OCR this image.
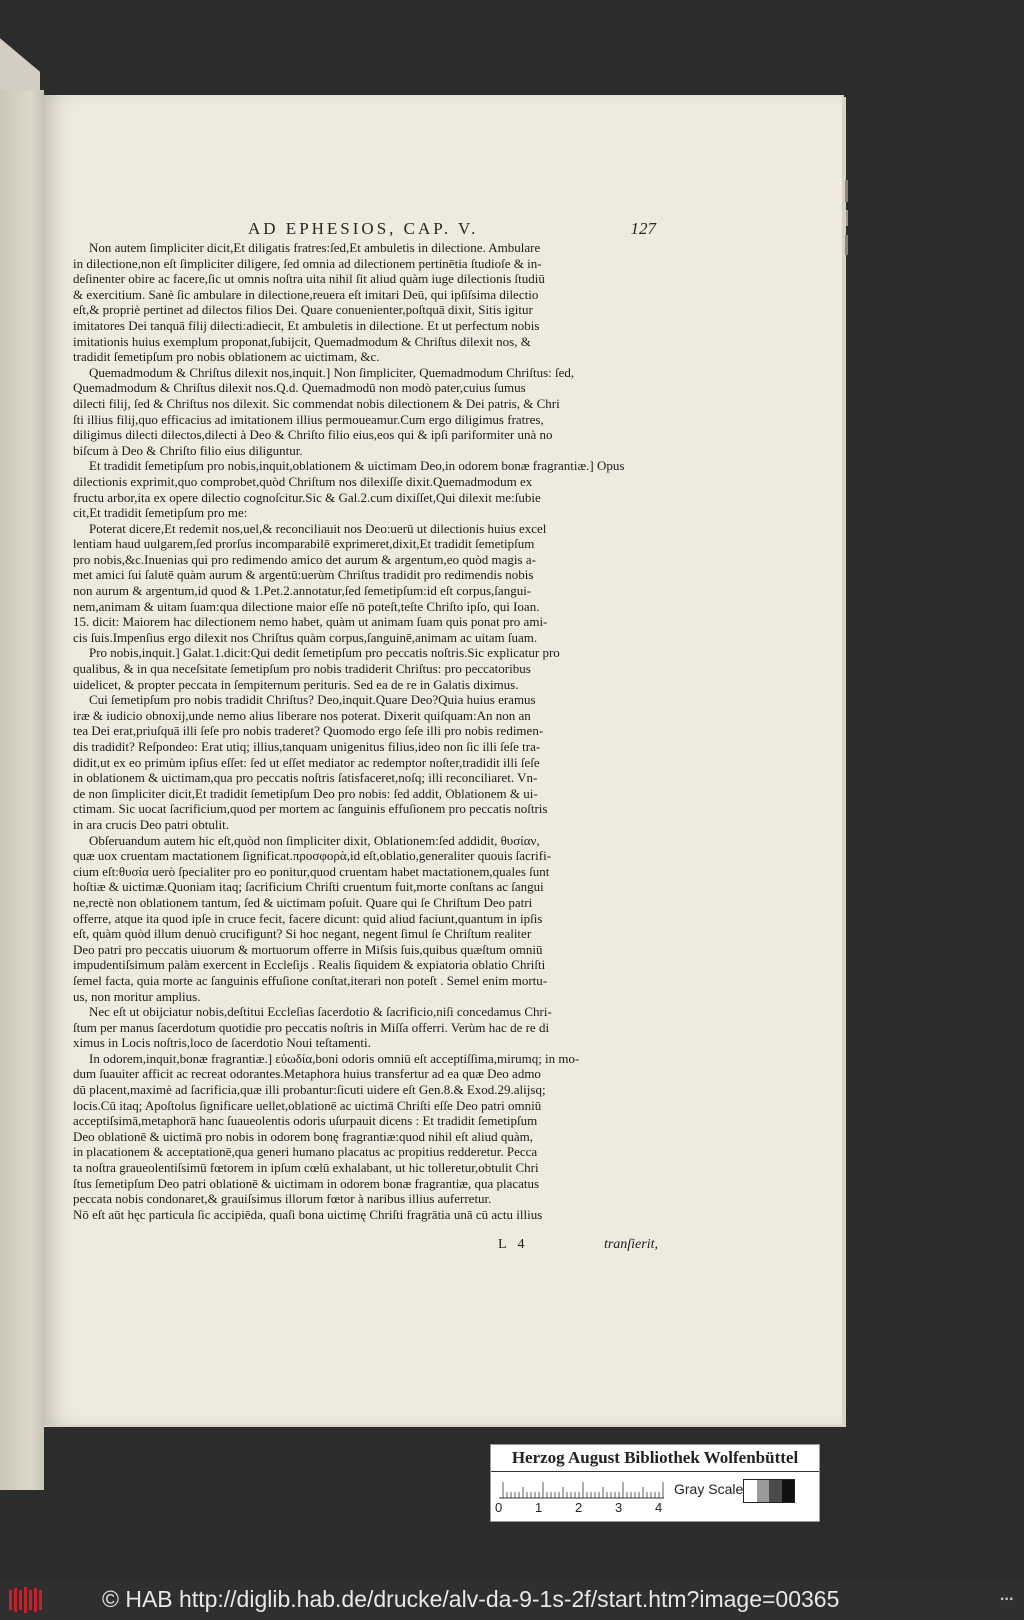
AD EPHESIOS, CAP. V.	127

Non autem ſimpliciter dicit,Et diligatis fratres:ſed,Et ambuletis in dilectione. Ambulare

in dilectione,non eſt ſimpliciter diligere, ſed omnia ad dilectionem pertinētia ſtudioſe & in-

deſinenter obire ac facere,ſic ut omnis noſtra uita nihil ſit aliud quàm iuge dilectionis ſtudiū

& exercitium. Sanè ſic ambulare in dilectione,reuera eſt imitari Deū, qui ipſiſsima dilectio

eſt,& propriè pertinet ad dilectos filios Dei. Quare conuenienter,poſtquā dixit, Sitis igitur

imitatores Dei tanquā filij dilecti:adiecit, Et ambuletis in dilectione. Et ut perfectum nobis

imitationis huius exemplum proponat,ſubijcit, Quemadmodum & Chriſtus dilexit nos, &

tradidit ſemetipſum pro nobis oblationem ac uictimam, &c.

Quemadmodum & Chriſtus dilexit nos,inquit.] Non ſimpliciter, Quemadmodum Chriſtus: ſed,

Quemadmodum & Chriſtus dilexit nos.Q.d. Quemadmodū non modò pater,cuius ſumus

dilecti filij, ſed & Chriſtus nos dilexit. Sic commendat nobis dilectionem & Dei patris, & Chri

ſti illius filij,quo efficacius ad imitationem illius permoueamur.Cum ergo diligimus fratres,

diligimus dilecti dilectos,dilecti à Deo & Chriſto filio eius,eos qui & ipſi pariformiter unà no

biſcum à Deo & Chriſto filio eius diliguntur.

Et tradidit ſemetipſum pro nobis,inquit,oblationem & uictimam Deo,in odorem bonæ fragrantiæ.] Opus

dilectionis exprimit,quo comprobet,quòd Chriſtum nos dilexiſſe dixit.Quemadmodum ex

fructu arbor,ita ex opere dilectio cognoſcitur.Sic & Gal.2.cum dixiſſet,Qui dilexit me:ſubie

cit,Et tradidit ſemetipſum pro me:

Poterat dicere,Et redemit nos,uel,& reconciliauit nos Deo:uerū ut dilectionis huius excel

lentiam haud uulgarem,ſed prorſus incomparabilē exprimeret,dixit,Et tradidit ſemetipſum

pro nobis,&c.Inuenias qui pro redimendo amico det aurum & argentum,eo quòd magis a-

met amici ſui ſalutē quàm aurum & argentū:uerùm Chriſtus tradidit pro redimendis nobis

non aurum & argentum,id quod & 1.Pet.2.annotatur,ſed ſemetipſum:id eſt corpus,ſangui-

nem,animam & uitam ſuam:qua dilectione maior eſſe nō poteſt,teſte Chriſto ipſo, qui Ioan.

15. dicit: Maiorem hac dilectionem nemo habet, quàm ut animam ſuam quis ponat pro ami-

cis ſuis.Impenſius ergo dilexit nos Chriſtus quàm corpus,ſanguinē,animam ac uitam ſuam.

Pro nobis,inquit.] Galat.1.dicit:Qui dedit ſemetipſum pro peccatis noſtris.Sic explicatur pro

qualibus, & in qua neceſsitate ſemetipſum pro nobis tradiderit Chriſtus: pro peccatoribus

uidelicet, & propter peccata in ſempiternum perituris. Sed ea de re in Galatis diximus.

Cui ſemetipſum pro nobis tradidit Chriſtus? Deo,inquit.Quare Deo?Quia huius eramus

iræ & iudicio obnoxij,unde nemo alius liberare nos poterat. Dixerit quiſquam:An non an

tea Dei erat,priuſquā illi ſeſe pro nobis traderet? Quomodo ergo ſeſe illi pro nobis redimen-

dis tradidit? Reſpondeo: Erat utiq; illius,tanquam unigenitus filius,ideo non ſic illi ſeſe tra-

didit,ut ex eo primùm ipſius eſſet: ſed ut eſſet mediator ac redemptor noſter,tradidit illi ſeſe

in oblationem & uictimam,qua pro peccatis noſtris ſatisfaceret,noſq; illi reconciliaret. Vn-

de non ſimpliciter dicit,Et tradidit ſemetipſum Deo pro nobis: ſed addit, Oblationem & ui-

ctimam. Sic uocat ſacrificium,quod per mortem ac ſanguinis effuſionem pro peccatis noſtris

in ara crucis Deo patri obtulit.

Obſeruandum autem hic eſt,quòd non ſimpliciter dixit, Oblationem:ſed addidit, θυσίαν,

quæ uox cruentam mactationem ſignificat.προσφορὰ,id eſt,oblatio,generaliter quouis ſacrifi-

cium eſt:θυσία uerò ſpecialiter pro eo ponitur,quod cruentam habet mactationem,quales ſunt

hoſtiæ & uictimæ.Quoniam itaq; ſacrificium Chriſti cruentum fuit,morte conſtans ac ſangui

ne,rectè non oblationem tantum, ſed & uictimam poſuit. Quare qui ſe Chriſtum Deo patri

offerre, atque ita quod ipſe in cruce fecit, facere dicunt: quid aliud faciunt,quantum in ipſis

eſt, quàm quòd illum denuò crucifigunt? Si hoc negant, negent ſimul ſe Chriſtum realiter

Deo patri pro peccatis uiuorum & mortuorum offerre in Miſsis ſuis,quibus quæſtum omniū

impudentiſsimum palàm exercent in Eccleſijs . Realis ſiquidem & expiatoria oblatio Chriſti

ſemel facta, quia morte ac ſanguinis effuſione conſtat,iterari non poteſt . Semel enim mortu-

us, non moritur amplius.

Nec eſt ut obijciatur nobis,deſtitui Eccleſias ſacerdotio & ſacrificio,niſi concedamus Chri-

ſtum per manus ſacerdotum quotidie pro peccatis noſtris in Miſſa offerri. Verùm hac de re di

ximus in Locis noſtris,loco de ſacerdotio Noui teſtamenti.

In odorem,inquit,bonæ fragrantiæ.] εὐωδία,boni odoris omniū eſt acceptiſſima,mirumq; in mo-

dum ſuauiter afficit ac recreat odorantes.Metaphora huius transfertur ad ea quæ Deo admo

dū placent,maximè ad ſacrificia,quæ illi probantur:ſicuti uidere eſt Gen.8.& Exod.29.alijsq;

locis.Cū itaq; Apoſtolus ſignificare uellet,oblationē ac uictimā Chriſti eſſe Deo patri omniū

acceptiſsimā,metaphorā hanc ſuaueolentis odoris uſurpauit dicens : Et tradidit ſemetipſum

Deo oblationē & uictimā pro nobis in odorem bonę fragrantiæ:quod nihil eſt aliud quàm,

in placationem & acceptationē,qua generi humano placatus ac propitius redderetur. Pecca

ta noſtra graueolentiſsimū fœtorem in ipſum cœlū exhalabant, ut hic tolleretur,obtulit Chri

ſtus ſemetipſum Deo patri oblationē & uictimam in odorem bonæ fragrantiæ, qua placatus

peccata nobis condonaret,& grauiſsimus illorum fœtor à naribus illius auferretur.

Nō eſt aūt hęc particula ſic accipiēda, quaſi bona uictimę Chriſti fragrātia unā cū actu illius

L 4	tranſierit,
Herzog August Bibliothek Wolfenbüttel
0	1	2	3	4
Gray Scale
© HAB http://diglib.hab.de/drucke/alv-da-9-1s-2f/start.htm?image=00365	▪▪▪
